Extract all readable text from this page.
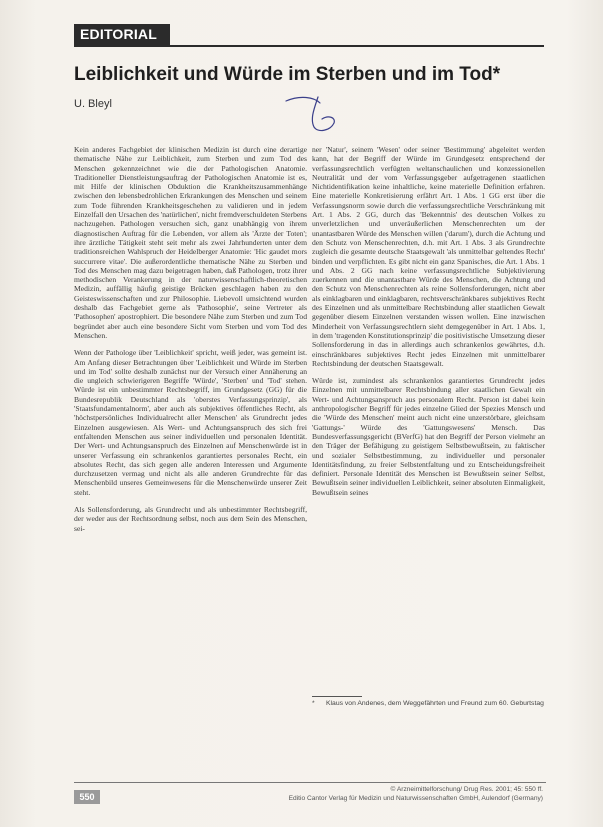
EDITORIAL
Leiblichkeit und Würde im Sterben und im Tod*
U. Bleyl

Kein anderes Fachgebiet der klinischen Medizin ist durch eine derartige thematische Nähe zur Leiblichkeit, zum Sterben und zum Tod des Menschen gekennzeichnet wie die der Pathologischen Anatomie. Traditioneller Dienstleistungsauftrag der Pathologischen Anatomie ist es, mit Hilfe der klinischen Obduktion die Krankheitszusammenhänge zwischen den lebensbedrohlichen Erkrankungen des Menschen und seinem zum Tode führenden Krankheitsgeschehen zu validieren und in jedem Einzelfall den Ursachen des 'natürlichen', nicht fremdverschuldeten Sterbens nachzugehen. Pathologen versuchen sich, ganz unabhängig von ihrem diagnostischen Auftrag für die Lebenden, vor allem als 'Ärzte der Toten'; ihre ärztliche Tätigkeit steht seit mehr als zwei Jahrhunderten unter dem traditionsreichen Wahlspruch der Heidelberger Anatomie: 'Hic gaudet mors succurrere vitae'. Die außerordentliche thematische Nähe zu Sterben und Tod des Menschen mag dazu beigetragen haben, daß Pathologen, trotz ihrer methodischen Verankerung in der naturwissenschaftlich-theoretischen Medizin, auffällig häufig geistige Brücken geschlagen haben zu den Geisteswissenschaften und zur Philosophie. Liebevoll umsichtend wurden deshalb das Fachgebiet gerne als 'Pathosophie', seine Vertreter als 'Pathosophen' apostrophiert. Die besondere Nähe zum Sterben und zum Tod begründet aber auch eine besondere Sicht vom Sterben und vom Tod des Menschen.

Wenn der Pathologe über 'Leiblichkeit' spricht, weiß jeder, was gemeint ist. Am Anfang dieser Betrachtungen über 'Leiblichkeit und Würde im Sterben und im Tod' sollte deshalb zunächst nur der Versuch einer Annäherung an die ungleich schwierigeren Begriffe 'Würde', 'Sterben' und 'Tod' stehen. Würde ist ein unbestimmter Rechtsbegriff, im Grundgesetz (GG) für die Bundesrepublik Deutschland als 'oberstes Verfassungsprinzip', als 'Staatsfundamentalnorm', aber auch als subjektives öffentliches Recht, als 'höchstpersönliches Individualrecht aller Menschen' als Grundrecht jedes Einzelnen ausgewiesen. Als Wert- und Achtungsanspruch des sich frei entfaltenden Menschen aus seiner individuellen und personalen Identität. Der Wert- und Achtungsanspruch des Einzelnen auf Menschenwürde ist in unserer Verfassung ein schrankenlos garantiertes personales Recht, ein absolutes Recht, das sich gegen alle anderen Interessen und Argumente durchzusetzen vermag und nicht als alle anderen Grundrechte für das Menschenbild unseres Gemeinwesens für die Menschenwürde unserer Zeit steht.

Als Sollensforderung, als Grundrecht und als unbestimmter Rechtsbegriff, der weder aus der Rechtsordnung selbst, noch aus dem Sein des Menschen, sei-

ner 'Natur', seinem 'Wesen' oder seiner 'Bestimmung' abgeleitet werden kann, hat der Begriff der Würde im Grundgesetz entsprechend der verfassungsrechtlich verfügten weltanschaulichen und konzessionellen Neutralität und der vom Verfassungsgeber aufgetragenen staatlichen Nichtidentifikation keine inhaltliche, keine materielle Definition erfahren. Eine materielle Konkretisierung erfährt Art. 1 Abs. 1 GG erst über die Verfassungsnorm sowie durch die verfassungsrechtliche Verschränkung mit Art. 1 Abs. 2 GG, durch das 'Bekenntnis' des deutschen Volkes zu unverletzlichen und unveräußerlichen Menschenrechten um der unantastbaren Würde des Menschen willen ('darum'), durch die Achtung und den Schutz von Menschenrechten, d.h. mit Art. 1 Abs. 3 als Grundrechte zugleich die gesamte deutsche Staatsgewalt 'als unmittelbar geltendes Recht' binden und verpflichten. Es gibt nicht ein ganz Spanisches, die Art. 1 Abs. 1 und Abs. 2 GG nach keine verfassungsrechtliche Subjektivierung zuerkennen und die unantastbare Würde des Menschen, die Achtung und den Schutz von Menschenrechten als reine Sollensforderungen, nicht aber als einklagbaren und einklagbaren, rechtsverschränkbares subjektives Recht des Einzelnen und als unmittelbare Rechtsbindung aller staatlichen Gewalt gegenüber diesem Einzelnen verstanden wissen wollen. Eine inzwischen Minderheit von Verfassungsrechtlern sieht demgegenüber in Art. 1 Abs. 1, in dem 'tragenden Konstitutionsprinzip' die positivistische Umsetzung dieser Sollensforderung in das in allerdings auch schrankenlos gewährtes, d.h. einschränkbares subjektives Recht jedes Einzelnen mit unmittelbarer Rechtsbindung der deutschen Staatsgewalt.

Würde ist, zumindest als schrankenlos garantiertes Grundrecht jedes Einzelnen mit unmittelbarer Rechtsbindung aller staatlichen Gewalt ein Wert- und Achtungsanspruch aus personalem Recht. Person ist dabei kein anthropologischer Begriff für jedes einzelne Glied der Spezies Mensch und die 'Würde des Menschen' meint auch nicht eine unzerstörbare, gleichsam 'Gattungs-' Würde des 'Gattungswesens' Mensch. Das Bundesverfassungsgericht (BVerfG) hat den Begriff der Person vielmehr an den Träger der Befähigung zu geistigem Selbstbewußtsein, zu faktischer und sozialer Selbstbestimmung, zu individueller und personaler Identitätsfindung, zu freier Selbstentfaltung und zu Entscheidungsfreiheit definiert. Personale Identität des Menschen ist Bewußtsein seiner Selbst, Bewußtsein seiner individuellen Leiblichkeit, seiner absoluten Einmaligkeit, Bewußtsein seines

* Klaus von Andenes, dem Weggefährten und Freund zum 60. Geburtstag
550
© Arzneimittelforschung/ Drug Res. 2001; 45: 550 ff.
Editio Cantor Verlag für Medizin und Naturwissenschaften GmbH, Aulendorf (Germany)
